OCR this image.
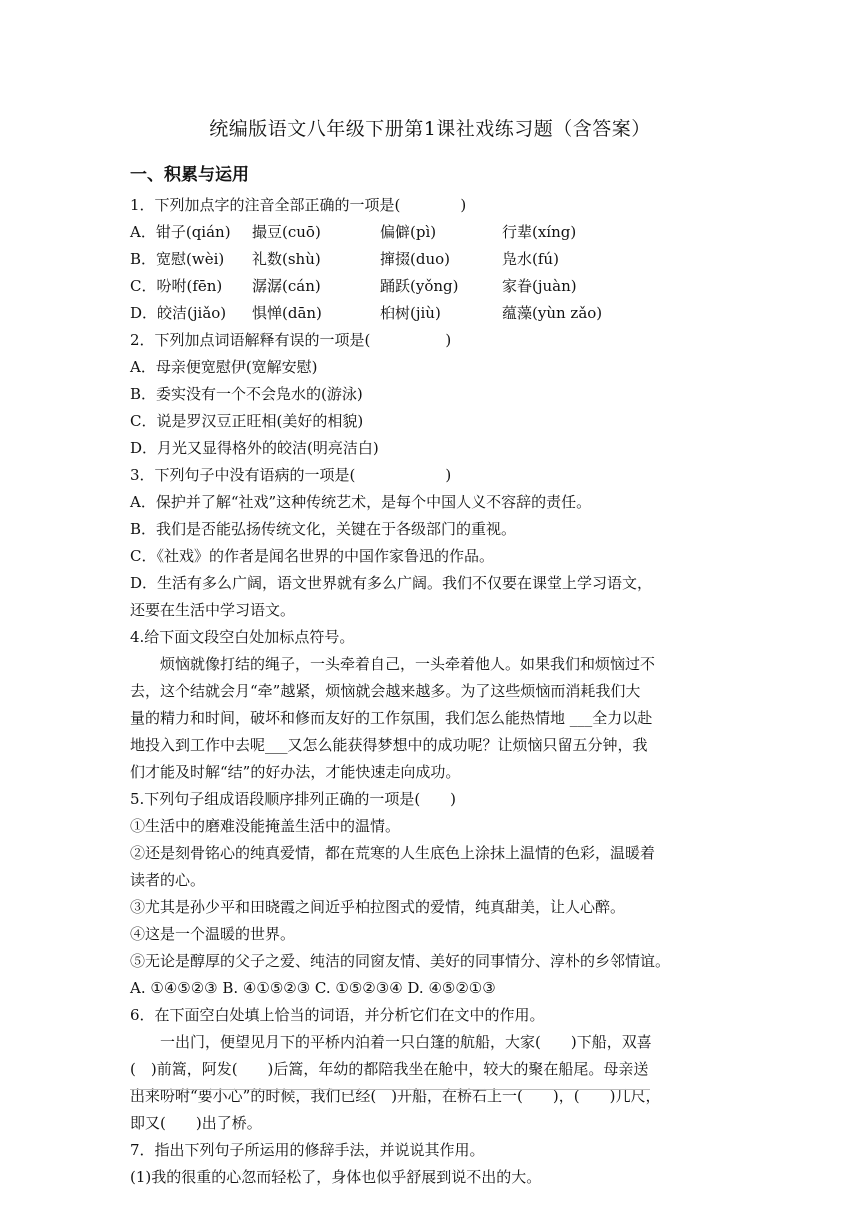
统编版语文八年级下册第1课社戏练习题（含答案）
一、积累与运用
1．下列加点字的注音全部正确的一项是(　　　　)
A．钳子(qián)	撮豆(cuō)	偏僻(pì)	行辈(xíng)
B．宽慰(wèi)	礼数(shù)	撺掇(duo)	凫水(fú)
C．吩咐(fēn)	潺潺(cán)	踊跃(yǒng)	家眷(juàn)
D．皎洁(jiǎo)	惧惮(dān)	桕树(jiù)	蕴藻(yùn zǎo)
2．下列加点词语解释有误的一项是(　　　　　)
A．母亲便宽慰伊(宽解安慰)
B．委实没有一个不会凫水的(游泳)
C．说是罗汉豆正旺相(美好的相貌)
D．月光又显得格外的皎洁(明亮洁白)
3．下列句子中没有语病的一项是(　　　　　　)
A．保护并了解“社戏”这种传统艺术，是每个中国人义不容辞的责任。
B．我们是否能弘扬传统文化，关键在于各级部门的重视。
C．《社戏》的作者是闻名世界的中国作家鲁迅的作品。
D．生活有多么广阔，语文世界就有多么广阔。我们不仅要在课堂上学习语文，
还要在生活中学习语文。
4.给下面文段空白处加标点符号。
烦恼就像打结的绳子，一头牵着自己，一头牵着他人。如果我们和烦恼过不
去，这个结就会月“牵”越紧，烦恼就会越来越多。为了这些烦恼而消耗我们大
量的精力和时间，破坏和修而友好的工作氛围，我们怎么能热情地 ___全力以赴
地投入到工作中去呢___又怎么能获得梦想中的成功呢？让烦恼只留五分钟，我
们才能及时解“结”的好办法，才能快速走向成功。
5.下列句子组成语段顺序排列正确的一项是(　　)
①生活中的磨难没能掩盖生活中的温情。
②还是刻骨铭心的纯真爱情，都在荒寒的人生底色上涂抹上温情的色彩，温暖着
读者的心。
③尤其是孙少平和田晓霞之间近乎柏拉图式的爱情，纯真甜美，让人心醉。
④这是一个温暖的世界。
⑤无论是醇厚的父子之爱、纯洁的同窗友情、美好的同事情分、淳朴的乡邻情谊。
A. ①④⑤②③ B. ④①⑤②③ C. ①⑤②③④ D. ④⑤②①③
6．在下面空白处填上恰当的词语，并分析它们在文中的作用。
一出门，便望见月下的平桥内泊着一只白篷的航船，大家(　　)下船，双喜
(　)前篙，阿发(　　)后篙，年幼的都陪我坐在舱中，较大的聚在船尾。母亲送
出来吩咐“要小心”的时候，我们已经(　)开船，在桥石上一(　　)，(　　)几尺，
即又(　　)出了桥。
7．指出下列句子所运用的修辞手法，并说说其作用。
(1)我的很重的心忽而轻松了，身体也似乎舒展到说不出的大。
